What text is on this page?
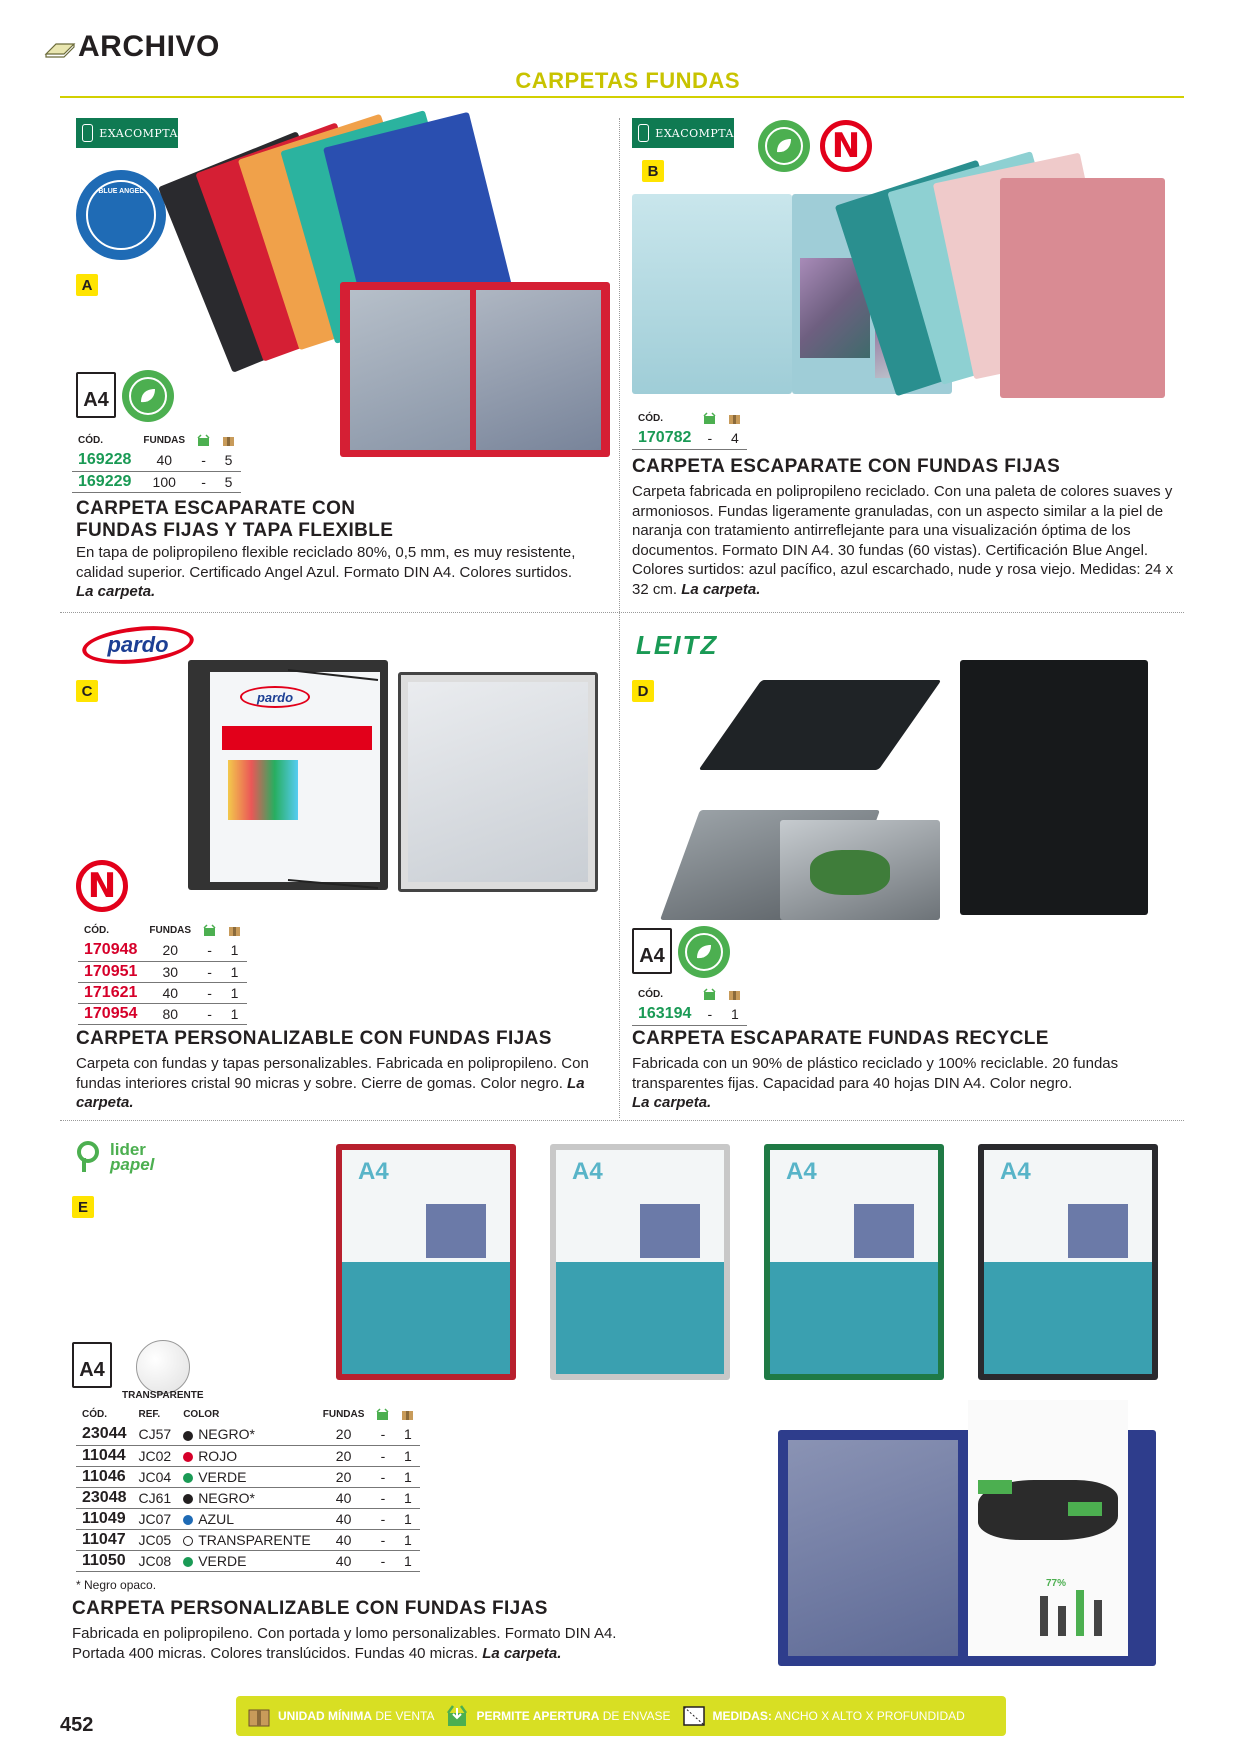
ARCHIVO
CARPETAS FUNDAS
EXACOMPTA
BLUE ANGEL
A
A4
CÓD.	FUNDAS		
169228	40	-	5
169229	100	-	5
CARPETA ESCAPARATE CON
FUNDAS FIJAS Y TAPA FLEXIBLE
En tapa de polipropileno flexible reciclado 80%, 0,5 mm, es muy resistente, calidad superior. Certificado Angel Azul. Formato DIN A4. Colores surtidos.
La carpeta.
EXACOMPTA	N
B
CÓD.		
170782	-	4
CARPETA ESCAPARATE CON FUNDAS FIJAS
Carpeta fabricada en polipropileno reciclado. Con una paleta de colores suaves y armoniosos. Fundas ligeramente granuladas, con un aspecto similar a la piel de naranja con tratamiento antirreflejante para una visualización óptima de los documentos. Formato DIN A4. 30 fundas (60 vistas). Certificación Blue Angel. Colores surtidos: azul pacífico, azul escarchado, nude y rosa viejo. Medidas: 24 x 32 cm. La carpeta.
pardo
C	pardo
N
CÓD.	FUNDAS		
170948	20	-	1
170951	30	-	1
171621	40	-	1
170954	80	-	1
CARPETA PERSONALIZABLE CON FUNDAS FIJAS
Carpeta con fundas y tapas personalizables. Fabricada en polipropileno. Con fundas interiores cristal 90 micras y sobre. Cierre de gomas. Color negro. La carpeta.
LEITZ
D
A4
CÓD.		
163194	-	1
CARPETA ESCAPARATE FUNDAS RECYCLE
Fabricada con un 90% de plástico reciclado y 100% reciclable. 20 fundas transparentes fijas. Capacidad para 40 hojas DIN A4. Color negro.
La carpeta.
lider
papel
E
A4	A4	A4	A4
A4
TRANSPARENTE
CÓD.	REF.	COLOR	FUNDAS		
23044	CJ57	NEGRO*	20	-	1
11044	JC02	ROJO	20	-	1
11046	JC04	VERDE	20	-	1
23048	CJ61	NEGRO*	40	-	1
11049	JC07	AZUL	40	-	1
11047	JC05	TRANSPARENTE	40	-	1
11050	JC08	VERDE	40	-	1
* Negro opaco.
CARPETA PERSONALIZABLE CON FUNDAS FIJAS
Fabricada en polipropileno. Con portada y lomo personalizables. Formato DIN A4. Portada 400 micras. Colores translúcidos. Fundas 40 micras. La carpeta.
77%
452	UNIDAD MÍNIMA DE VENTA	PERMITE APERTURA DE ENVASE	MEDIDAS: ANCHO X ALTO X PROFUNDIDAD
